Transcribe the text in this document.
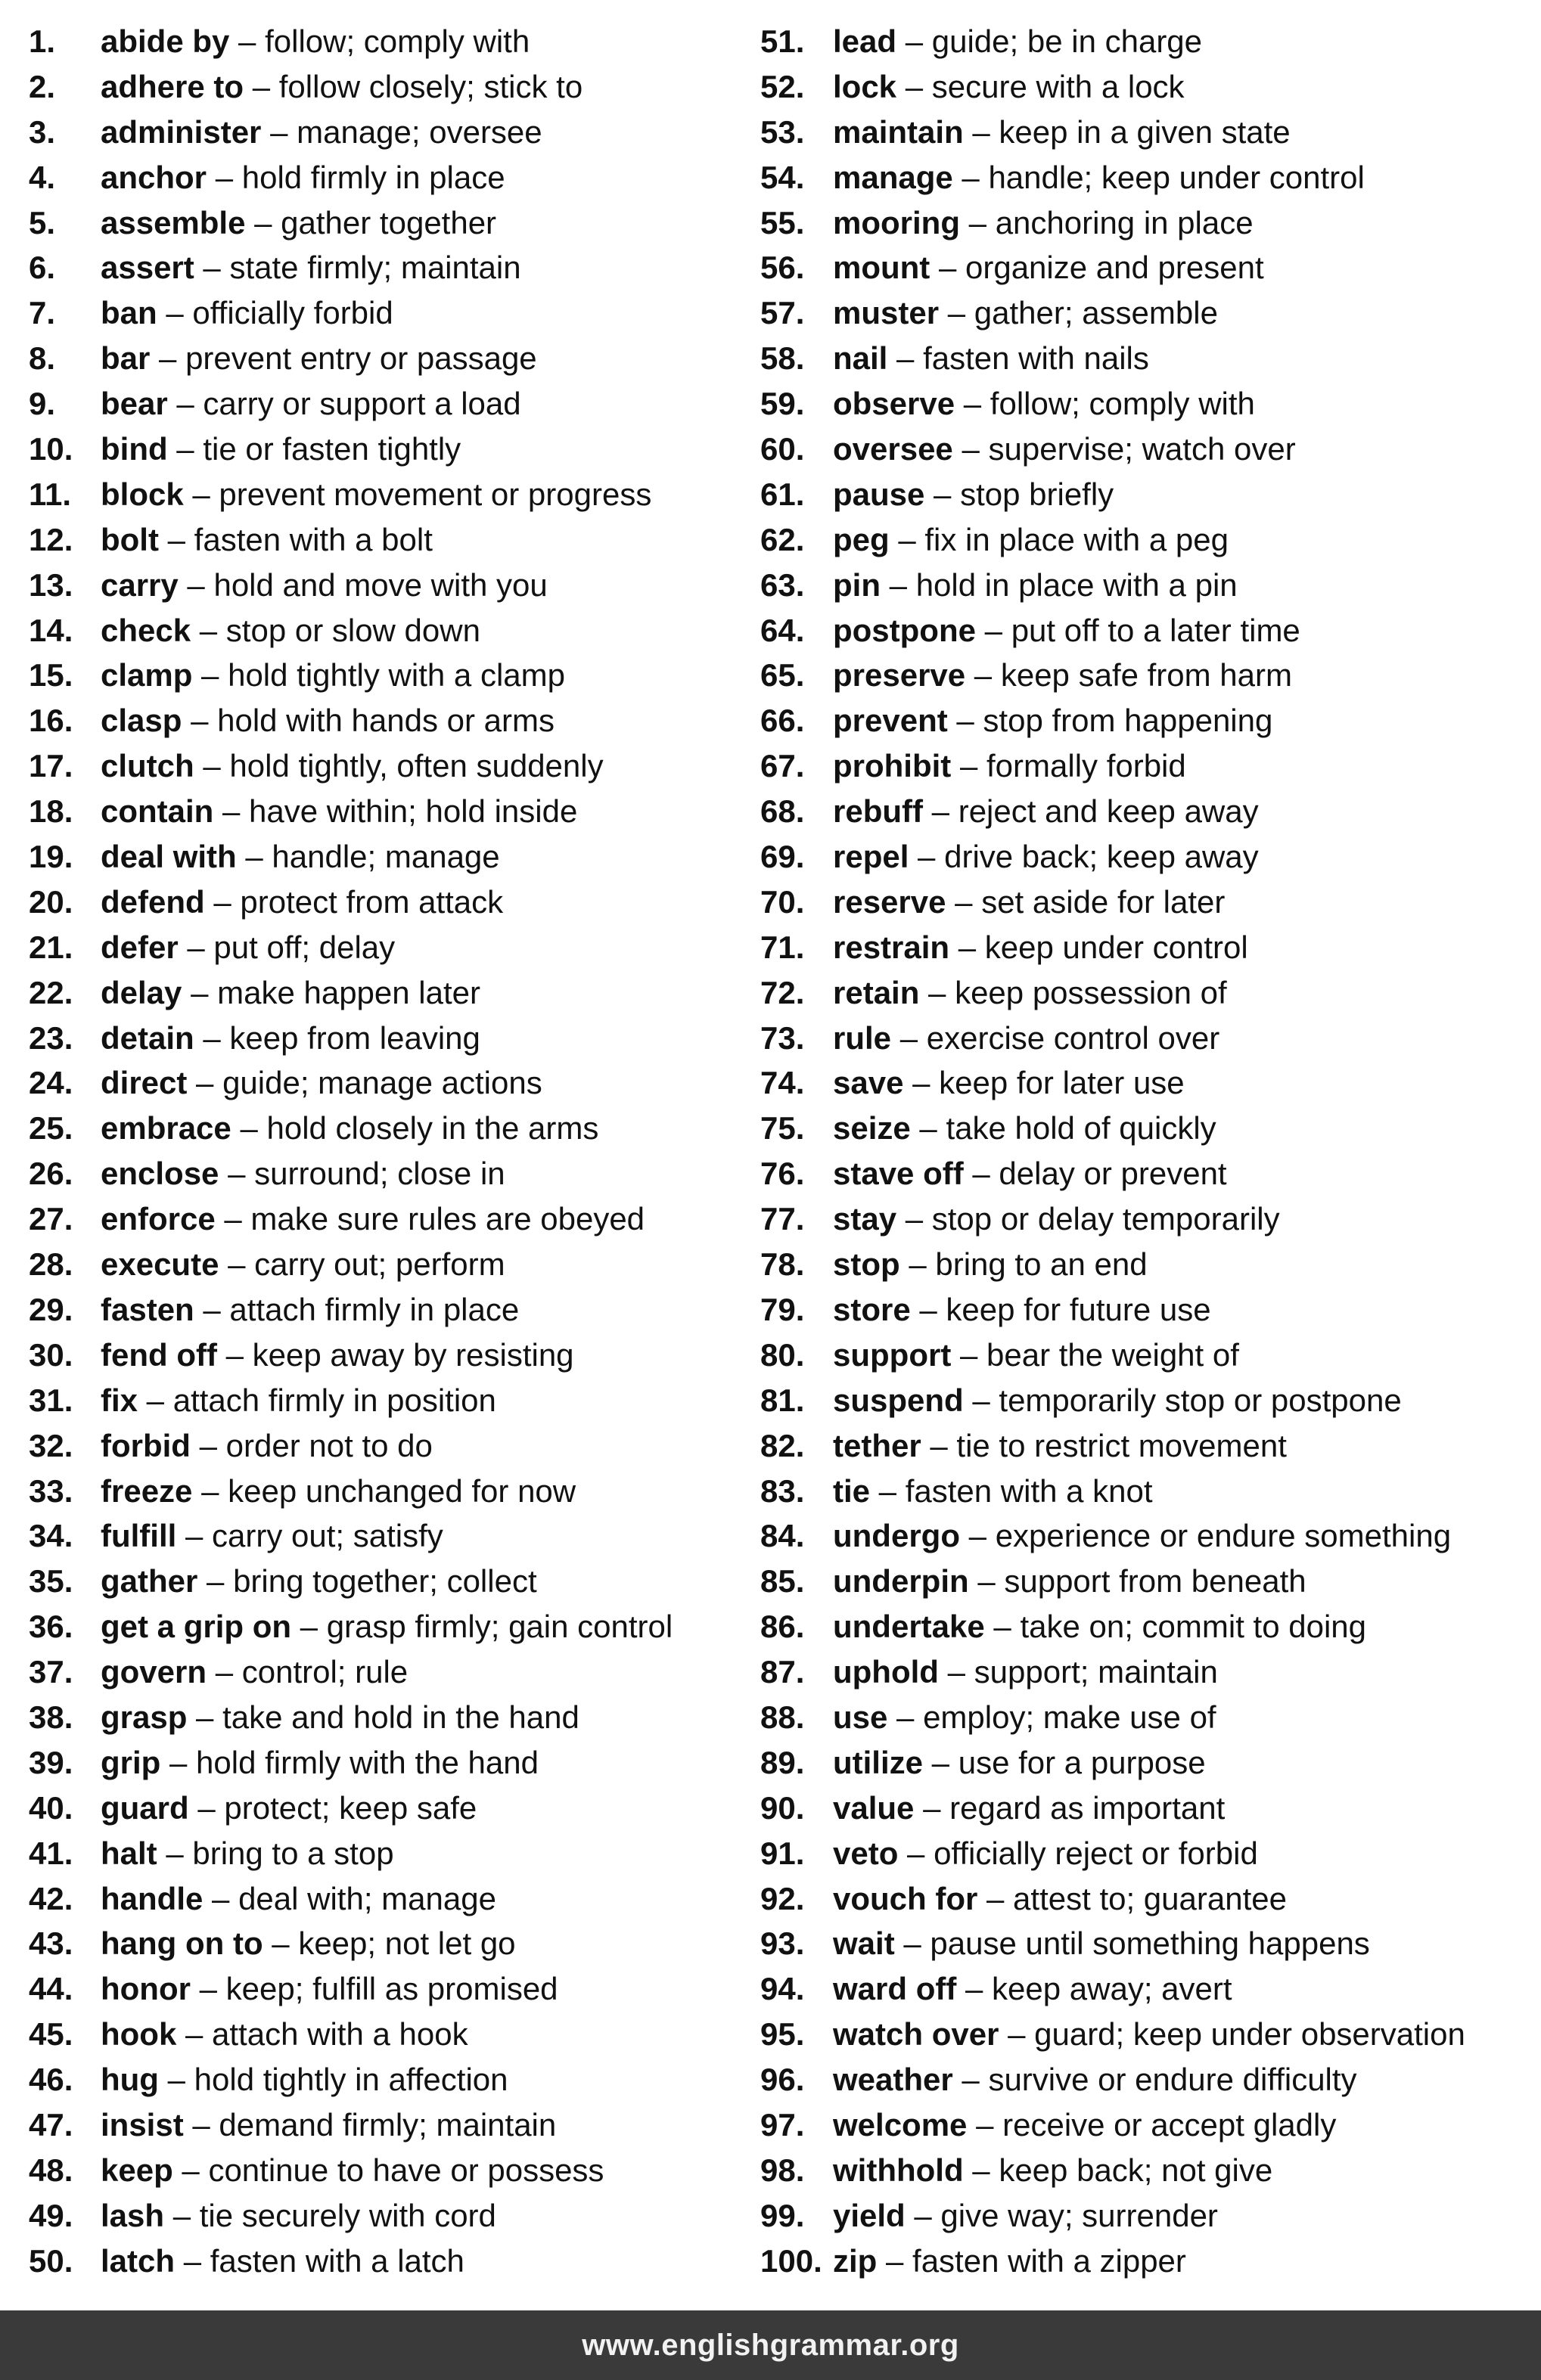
1. abide by – follow; comply with
2. adhere to – follow closely; stick to
3. administer – manage; oversee
4. anchor – hold firmly in place
5. assemble – gather together
6. assert – state firmly; maintain
7. ban – officially forbid
8. bar – prevent entry or passage
9. bear – carry or support a load
10. bind – tie or fasten tightly
11. block – prevent movement or progress
12. bolt – fasten with a bolt
13. carry – hold and move with you
14. check – stop or slow down
15. clamp – hold tightly with a clamp
16. clasp – hold with hands or arms
17. clutch – hold tightly, often suddenly
18. contain – have within; hold inside
19. deal with – handle; manage
20. defend – protect from attack
21. defer – put off; delay
22. delay – make happen later
23. detain – keep from leaving
24. direct – guide; manage actions
25. embrace – hold closely in the arms
26. enclose – surround; close in
27. enforce – make sure rules are obeyed
28. execute – carry out; perform
29. fasten – attach firmly in place
30. fend off – keep away by resisting
31. fix – attach firmly in position
32. forbid – order not to do
33. freeze – keep unchanged for now
34. fulfill – carry out; satisfy
35. gather – bring together; collect
36. get a grip on – grasp firmly; gain control
37. govern – control; rule
38. grasp – take and hold in the hand
39. grip – hold firmly with the hand
40. guard – protect; keep safe
41. halt – bring to a stop
42. handle – deal with; manage
43. hang on to – keep; not let go
44. honor – keep; fulfill as promised
45. hook – attach with a hook
46. hug – hold tightly in affection
47. insist – demand firmly; maintain
48. keep – continue to have or possess
49. lash – tie securely with cord
50. latch – fasten with a latch
51. lead – guide; be in charge
52. lock – secure with a lock
53. maintain – keep in a given state
54. manage – handle; keep under control
55. mooring – anchoring in place
56. mount – organize and present
57. muster – gather; assemble
58. nail – fasten with nails
59. observe – follow; comply with
60. oversee – supervise; watch over
61. pause – stop briefly
62. peg – fix in place with a peg
63. pin – hold in place with a pin
64. postpone – put off to a later time
65. preserve – keep safe from harm
66. prevent – stop from happening
67. prohibit – formally forbid
68. rebuff – reject and keep away
69. repel – drive back; keep away
70. reserve – set aside for later
71. restrain – keep under control
72. retain – keep possession of
73. rule – exercise control over
74. save – keep for later use
75. seize – take hold of quickly
76. stave off – delay or prevent
77. stay – stop or delay temporarily
78. stop – bring to an end
79. store – keep for future use
80. support – bear the weight of
81. suspend – temporarily stop or postpone
82. tether – tie to restrict movement
83. tie – fasten with a knot
84. undergo – experience or endure something
85. underpin – support from beneath
86. undertake – take on; commit to doing
87. uphold – support; maintain
88. use – employ; make use of
89. utilize – use for a purpose
90. value – regard as important
91. veto – officially reject or forbid
92. vouch for – attest to; guarantee
93. wait – pause until something happens
94. ward off – keep away; avert
95. watch over – guard; keep under observation
96. weather – survive or endure difficulty
97. welcome – receive or accept gladly
98. withhold – keep back; not give
99. yield – give way; surrender
100. zip – fasten with a zipper
www.englishgrammar.org
